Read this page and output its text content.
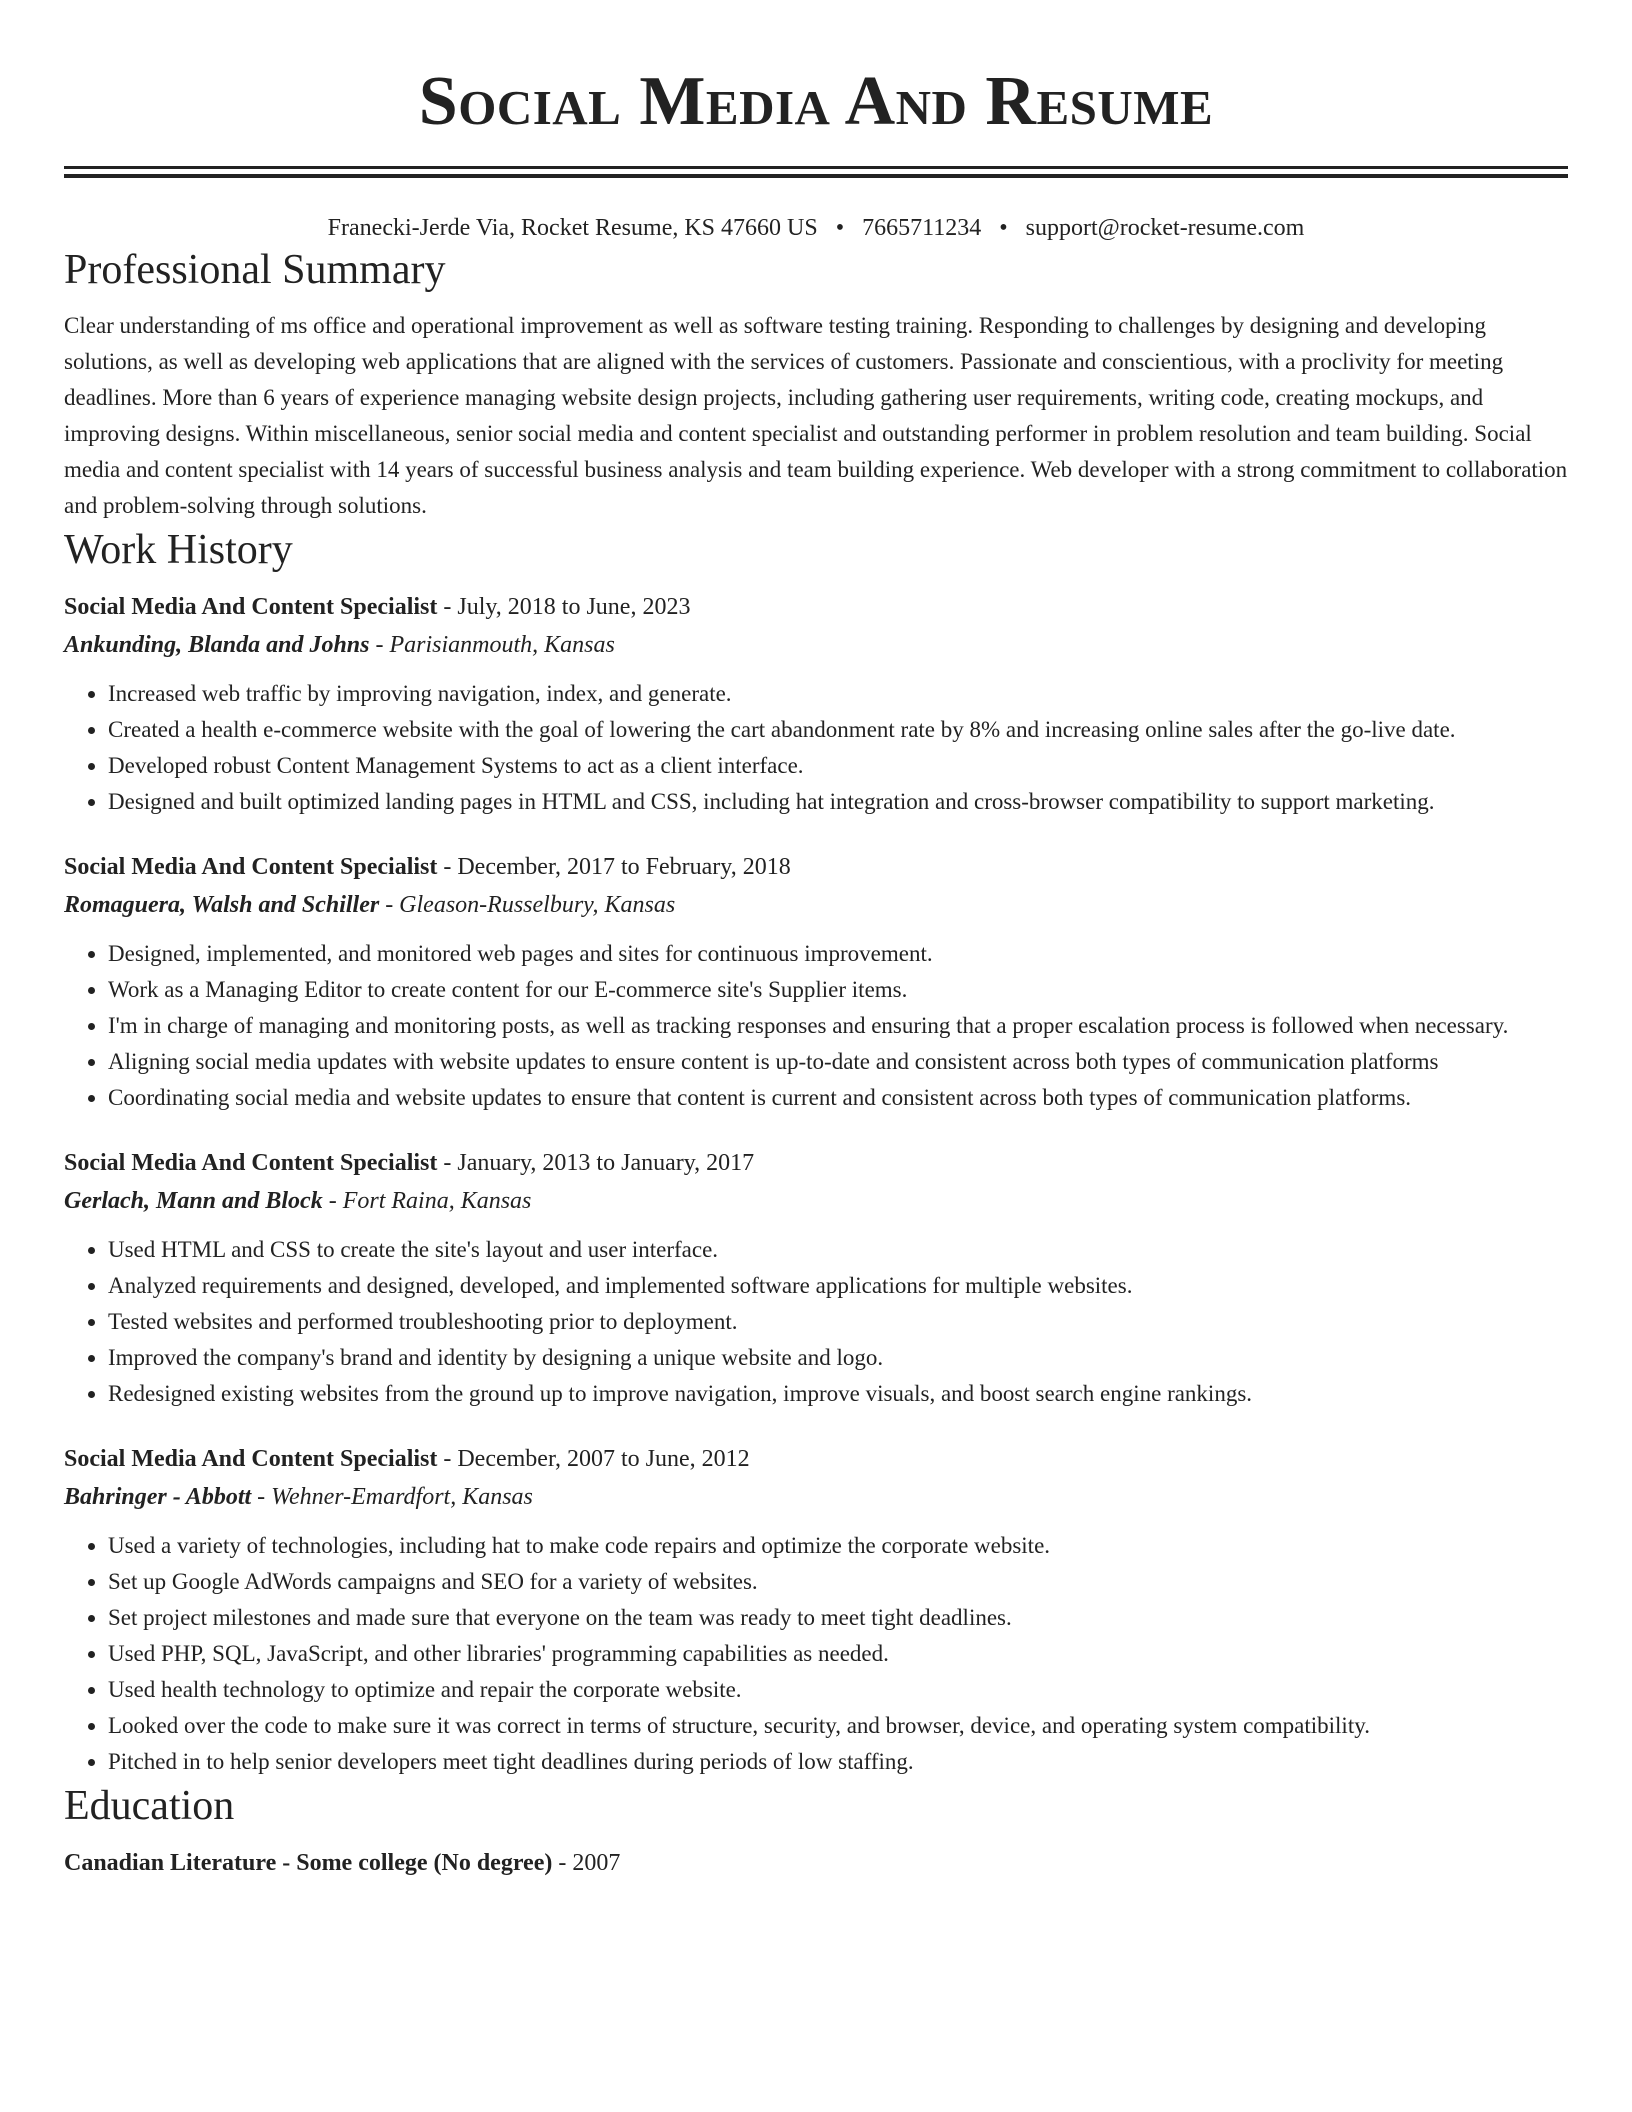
Social Media And Resume
Franecki-Jerde Via, Rocket Resume, KS 47660 US • 7665711234 • support@rocket-resume.com
Professional Summary

Clear understanding of ms office and operational improvement as well as software testing training. Responding to challenges by designing and developing solutions, as well as developing web applications that are aligned with the services of customers. Passionate and conscientious, with a proclivity for meeting deadlines. More than 6 years of experience managing website design projects, including gathering user requirements, writing code, creating mockups, and improving designs. Within miscellaneous, senior social media and content specialist and outstanding performer in problem resolution and team building. Social media and content specialist with 14 years of successful business analysis and team building experience. Web developer with a strong commitment to collaboration and problem-solving through solutions.

Work History
Social Media And Content Specialist - July, 2018 to June, 2023
Ankunding, Blanda and Johns - Parisianmouth, Kansas
• Increased web traffic by improving navigation, index, and generate.
• Created a health e-commerce website with the goal of lowering the cart abandonment rate by 8% and increasing online sales after the go-live date.
• Developed robust Content Management Systems to act as a client interface.
• Designed and built optimized landing pages in HTML and CSS, including hat integration and cross-browser compatibility to support marketing.
Social Media And Content Specialist - December, 2017 to February, 2018
Romaguera, Walsh and Schiller - Gleason-Russelbury, Kansas
• Designed, implemented, and monitored web pages and sites for continuous improvement.
• Work as a Managing Editor to create content for our E-commerce site's Supplier items.
• I'm in charge of managing and monitoring posts, as well as tracking responses and ensuring that a proper escalation process is followed when necessary.
• Aligning social media updates with website updates to ensure content is up-to-date and consistent across both types of communication platforms
• Coordinating social media and website updates to ensure that content is current and consistent across both types of communication platforms.
Social Media And Content Specialist - January, 2013 to January, 2017
Gerlach, Mann and Block - Fort Raina, Kansas
• Used HTML and CSS to create the site's layout and user interface.
• Analyzed requirements and designed, developed, and implemented software applications for multiple websites.
• Tested websites and performed troubleshooting prior to deployment.
• Improved the company's brand and identity by designing a unique website and logo.
• Redesigned existing websites from the ground up to improve navigation, improve visuals, and boost search engine rankings.
Social Media And Content Specialist - December, 2007 to June, 2012
Bahringer - Abbott - Wehner-Emardfort, Kansas
• Used a variety of technologies, including hat to make code repairs and optimize the corporate website.
• Set up Google AdWords campaigns and SEO for a variety of websites.
• Set project milestones and made sure that everyone on the team was ready to meet tight deadlines.
• Used PHP, SQL, JavaScript, and other libraries' programming capabilities as needed.
• Used health technology to optimize and repair the corporate website.
• Looked over the code to make sure it was correct in terms of structure, security, and browser, device, and operating system compatibility.
• Pitched in to help senior developers meet tight deadlines during periods of low staffing.
Education
Canadian Literature - Some college (No degree) - 2007
